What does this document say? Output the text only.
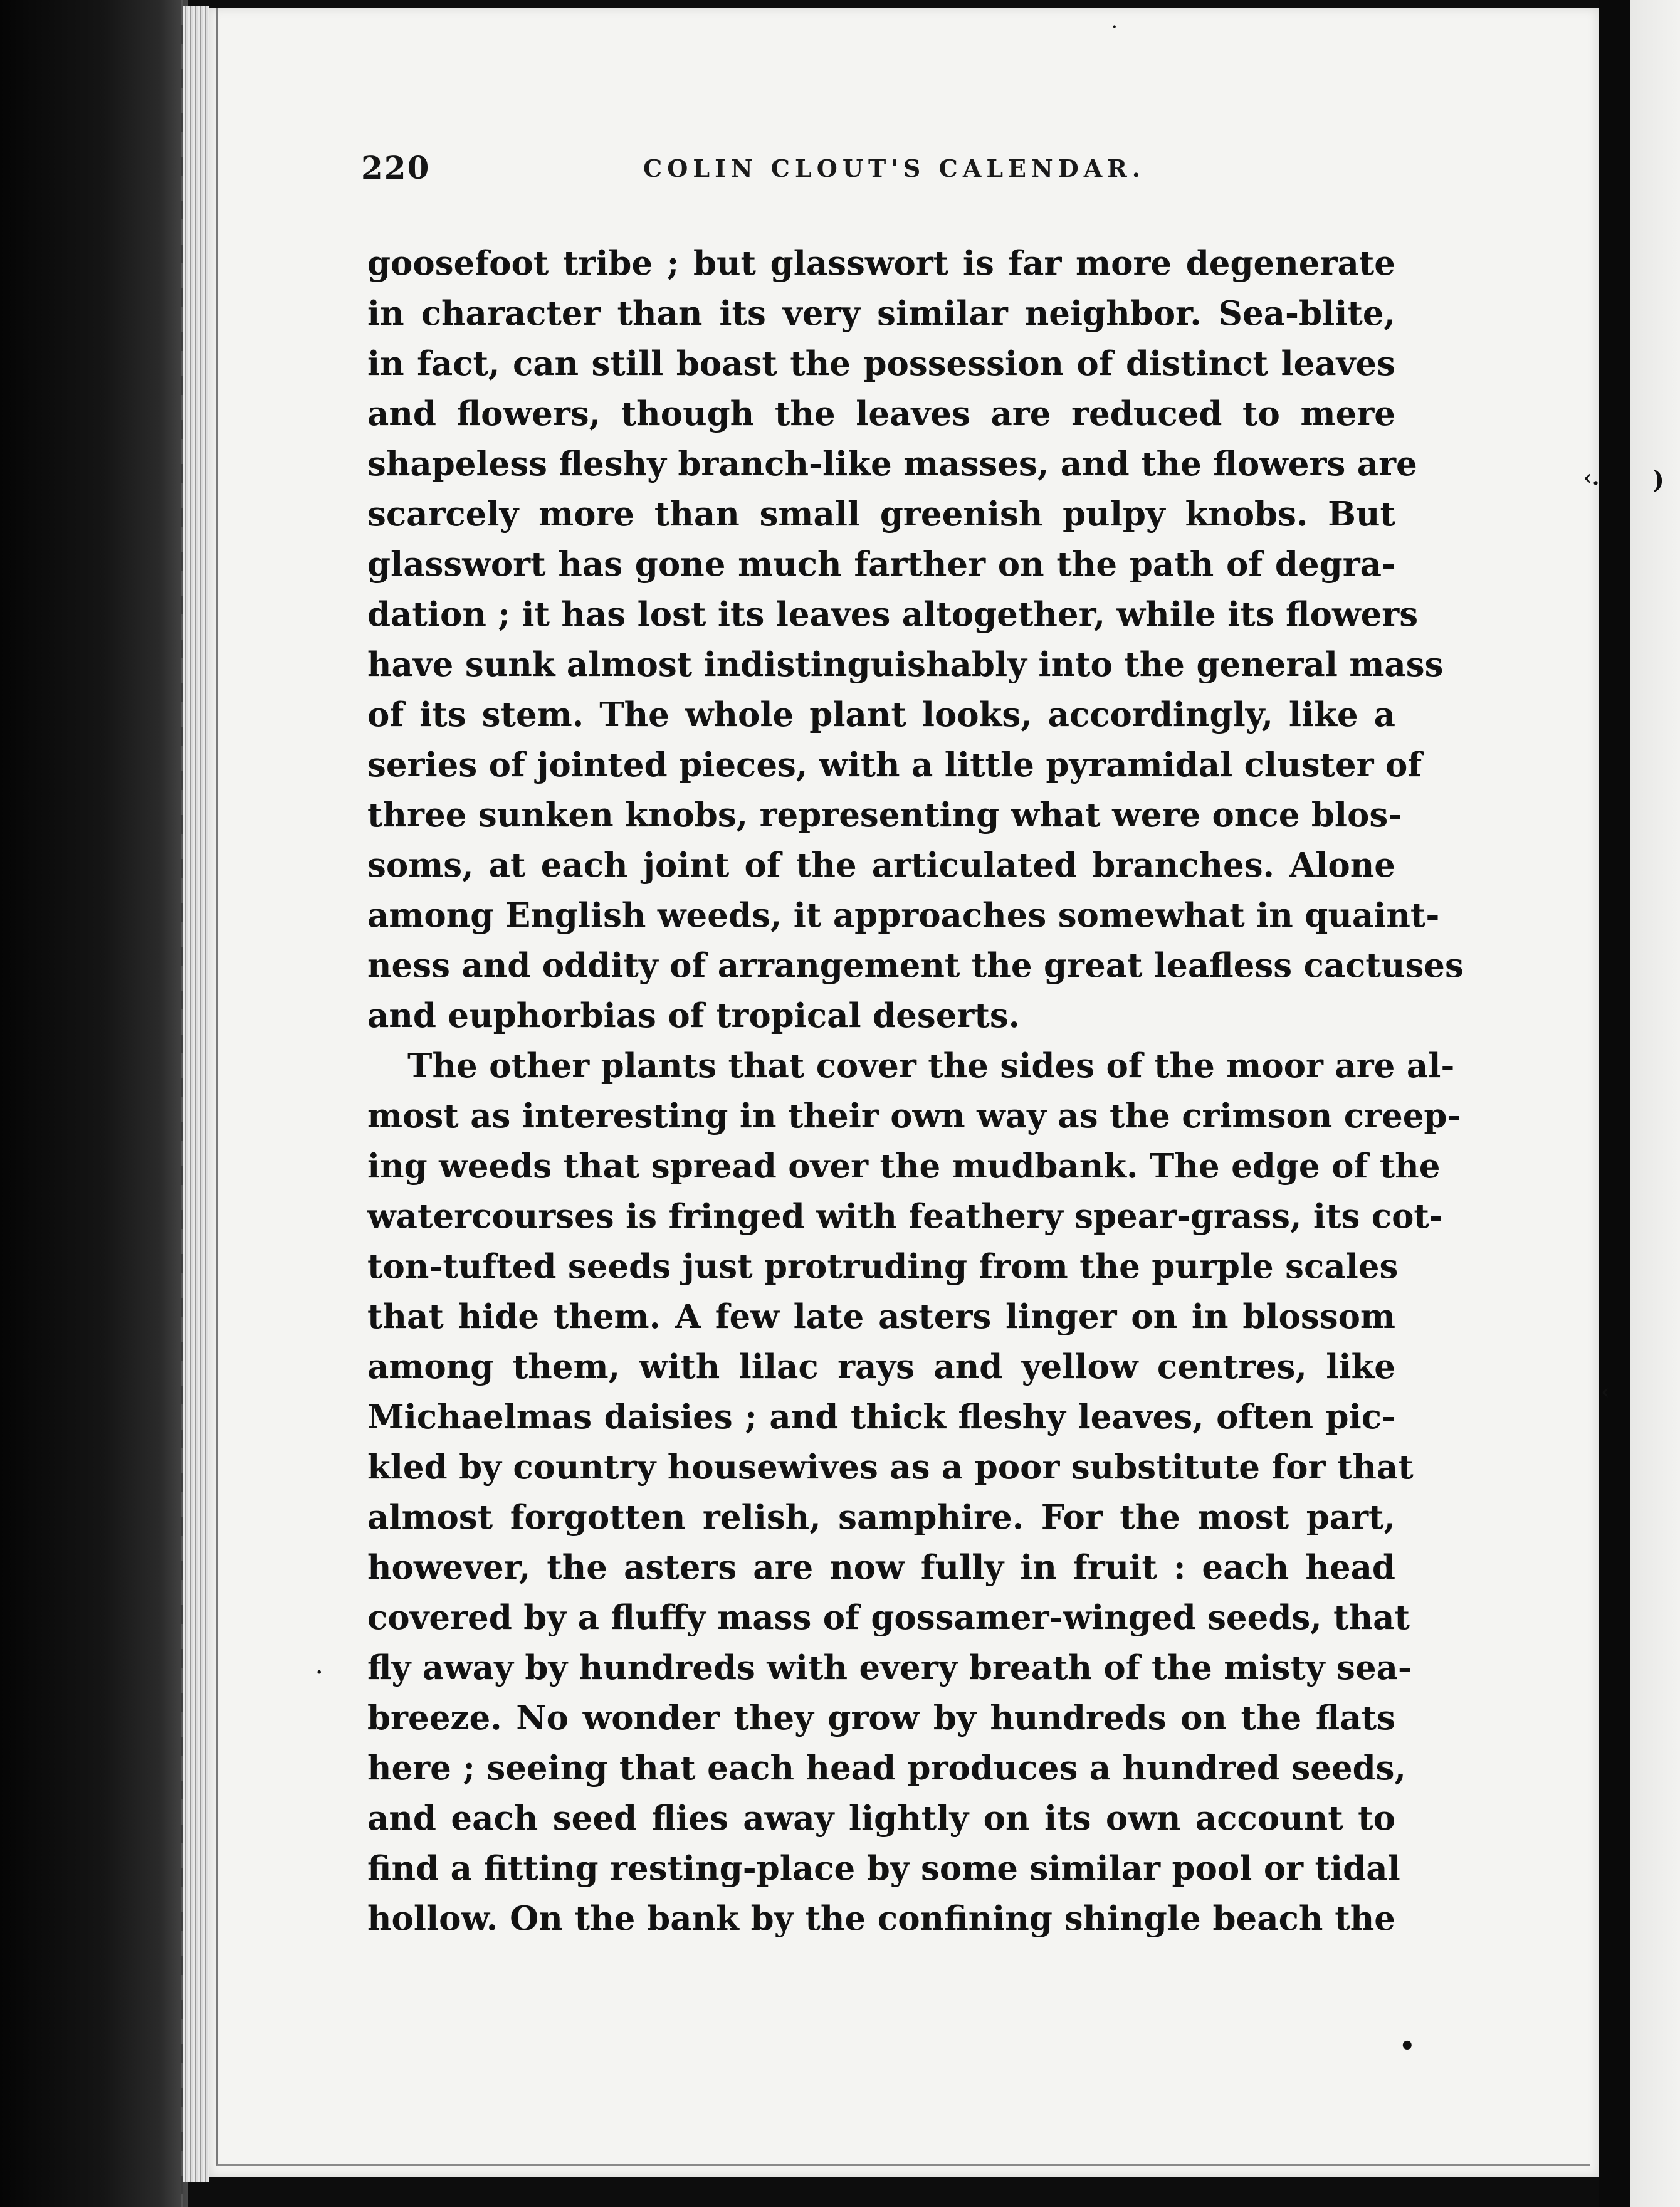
·
‹. )
‹
.
•
220	COLIN CLOUT'S CALENDAR.
goosefoot tribe ; but glasswort is far more degenerate
in character than its very similar neighbor. Sea-blite,
in fact, can still boast the possession of distinct leaves
and flowers, though the leaves are reduced to mere
shapeless fleshy branch-like masses, and the flowers are
scarcely more than small greenish pulpy knobs. But
glasswort has gone much farther on the path of degra-
dation ; it has lost its leaves altogether, while its flowers
have sunk almost indistinguishably into the general mass
of its stem. The whole plant looks, accordingly, like a
series of jointed pieces, with a little pyramidal cluster of
three sunken knobs, representing what were once blos-
soms, at each joint of the articulated branches. Alone
among English weeds, it approaches somewhat in quaint-
ness and oddity of arrangement the great leafless cactuses
and euphorbias of tropical deserts.
The other plants that cover the sides of the moor are al-
most as interesting in their own way as the crimson creep-
ing weeds that spread over the mudbank. The edge of the
watercourses is fringed with feathery spear-grass, its cot-
ton-tufted seeds just protruding from the purple scales
that hide them. A few late asters linger on in blossom
among them, with lilac rays and yellow centres, like
Michaelmas daisies ; and thick fleshy leaves, often pic-
kled by country housewives as a poor substitute for that
almost forgotten relish, samphire. For the most part,
however, the asters are now fully in fruit : each head
covered by a fluffy mass of gossamer-winged seeds, that
fly away by hundreds with every breath of the misty sea-
breeze. No wonder they grow by hundreds on the flats
here ; seeing that each head produces a hundred seeds,
and each seed flies away lightly on its own account to
find a fitting resting-place by some similar pool or tidal
hollow. On the bank by the confining shingle beach the
